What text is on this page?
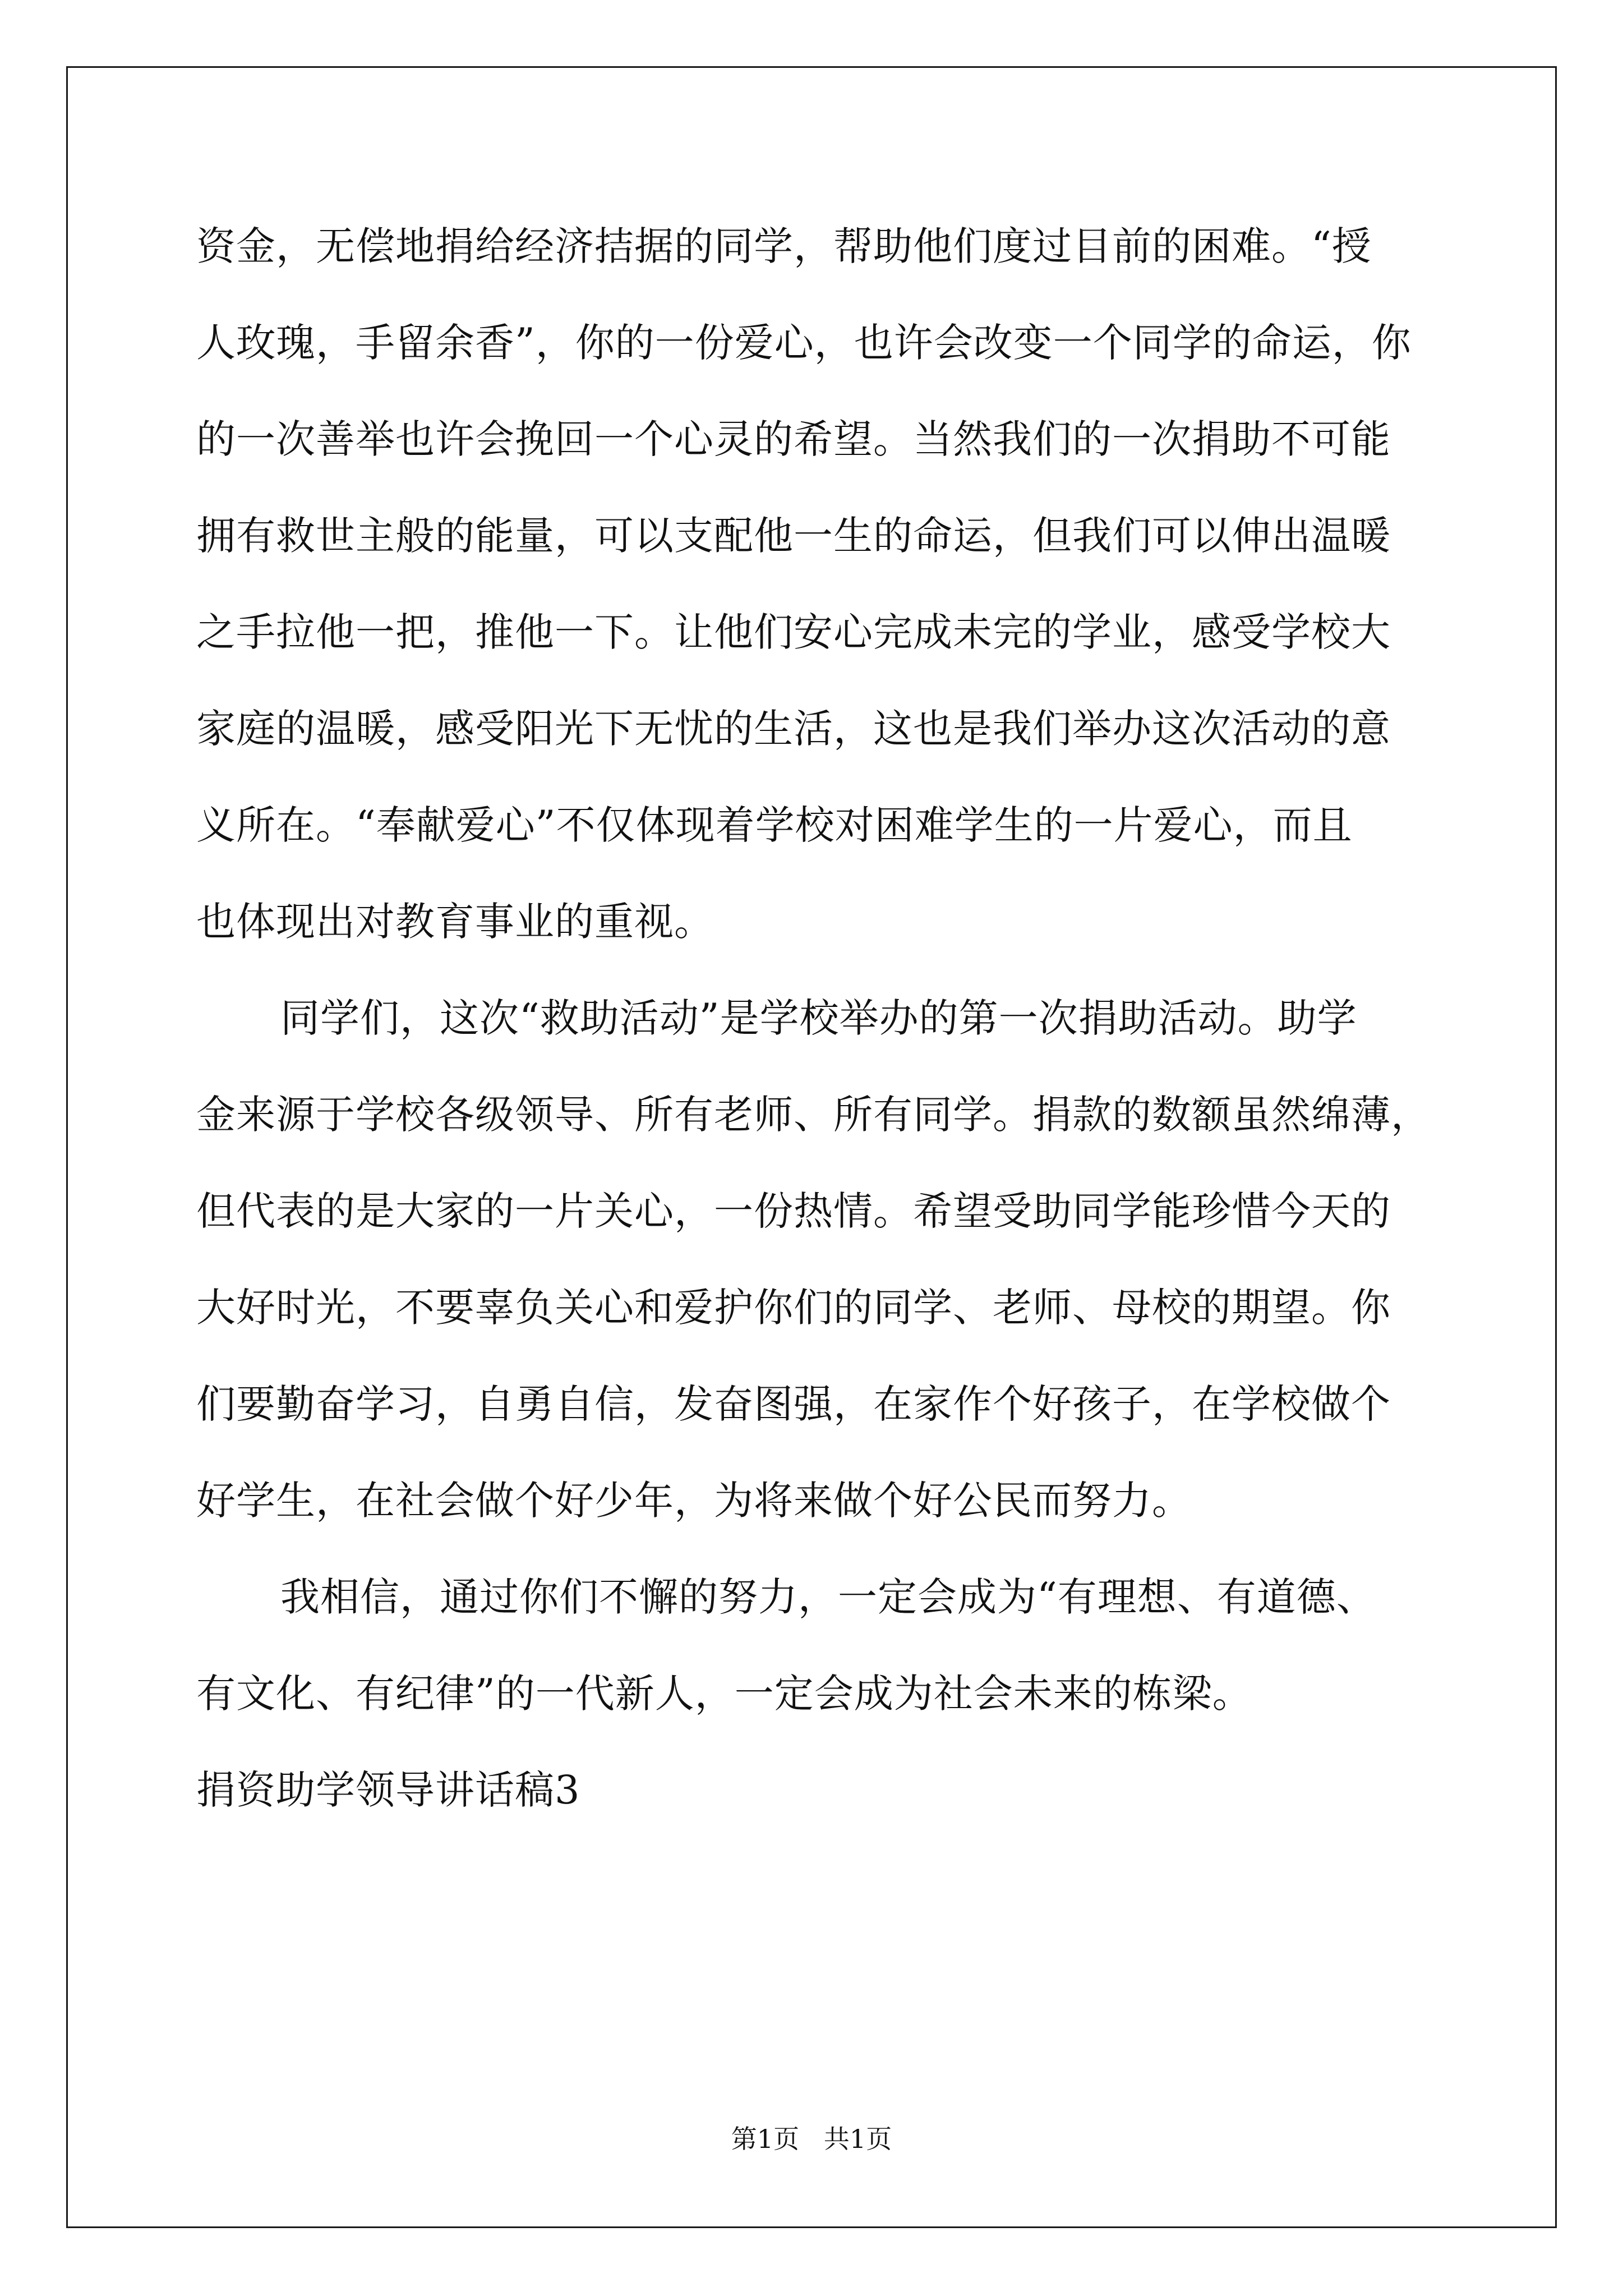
资金，无偿地捐给经济拮据的同学，帮助他们度过目前的困难。“授
人玫瑰，手留余香”，你的一份爱心，也许会改变一个同学的命运，你
的一次善举也许会挽回一个心灵的希望。当然我们的一次捐助不可能
拥有救世主般的能量，可以支配他一生的命运，但我们可以伸出温暖
之手拉他一把，推他一下。让他们安心完成未完的学业，感受学校大
家庭的温暖，感受阳光下无忧的生活，这也是我们举办这次活动的意
义所在。“奉献爱心”不仅体现着学校对困难学生的一片爱心，而且
也体现出对教育事业的重视。
同学们，这次“救助活动”是学校举办的第一次捐助活动。助学
金来源于学校各级领导、所有老师、所有同学。捐款的数额虽然绵薄，
但代表的是大家的一片关心，一份热情。希望受助同学能珍惜今天的
大好时光，不要辜负关心和爱护你们的同学、老师、母校的期望。你
们要勤奋学习，自勇自信，发奋图强，在家作个好孩子，在学校做个
好学生，在社会做个好少年，为将来做个好公民而努力。
我相信，通过你们不懈的努力，一定会成为“有理想、有道德、
有文化、有纪律”的一代新人，一定会成为社会未来的栋梁。
捐资助学领导讲话稿3
第1页   共1页
